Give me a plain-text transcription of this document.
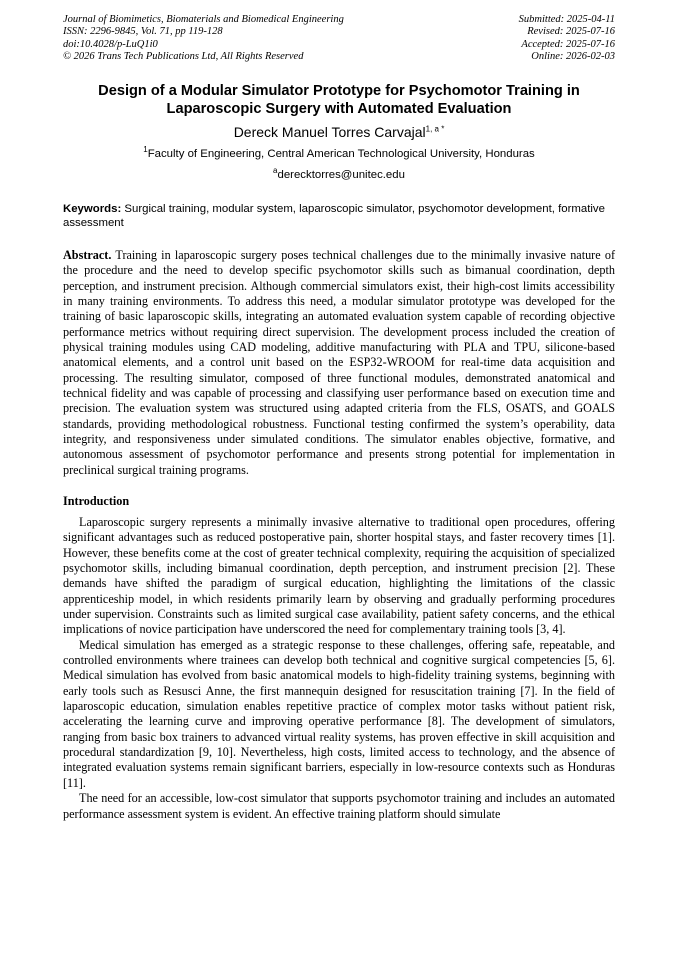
Journal of Biomimetics, Biomaterials and Biomedical Engineering
ISSN: 2296-9845, Vol. 71, pp 119-128
doi:10.4028/p-LuQ1i0
© 2026 Trans Tech Publications Ltd, All Rights Reserved
Submitted: 2025-04-11
Revised: 2025-07-16
Accepted: 2025-07-16
Online: 2026-02-03
Design of a Modular Simulator Prototype for Psychomotor Training in Laparoscopic Surgery with Automated Evaluation
Dereck Manuel Torres Carvajal$^{1, a *}$
$^1$Faculty of Engineering, Central American Technological University, Honduras
$^a$derecktorres@unitec.edu
Keywords: Surgical training, modular system, laparoscopic simulator, psychomotor development, formative assessment
Abstract. Training in laparoscopic surgery poses technical challenges due to the minimally invasive nature of the procedure and the need to develop specific psychomotor skills such as bimanual coordination, depth perception, and instrument precision. Although commercial simulators exist, their high-cost limits accessibility in many training environments. To address this need, a modular simulator prototype was developed for the training of basic laparoscopic skills, integrating an automated evaluation system capable of recording objective performance metrics without requiring direct supervision. The development process included the creation of physical training modules using CAD modeling, additive manufacturing with PLA and TPU, silicone-based anatomical elements, and a control unit based on the ESP32-WROOM for real-time data acquisition and processing. The resulting simulator, composed of three functional modules, demonstrated anatomical and technical fidelity and was capable of processing and classifying user performance based on execution time and precision. The evaluation system was structured using adapted criteria from the FLS, OSATS, and GOALS standards, providing methodological robustness. Functional testing confirmed the system’s operability, data integrity, and responsiveness under simulated conditions. The simulator enables objective, formative, and autonomous assessment of psychomotor performance and presents strong potential for implementation in preclinical surgical training programs.
Introduction

Laparoscopic surgery represents a minimally invasive alternative to traditional open procedures, offering significant advantages such as reduced postoperative pain, shorter hospital stays, and faster recovery times [1]. However, these benefits come at the cost of greater technical complexity, requiring the acquisition of specialized psychomotor skills, including bimanual coordination, depth perception, and instrument precision [2]. These demands have shifted the paradigm of surgical education, highlighting the limitations of the classic apprenticeship model, in which residents primarily learn by observing and gradually performing procedures under supervision. Constraints such as limited surgical case availability, patient safety concerns, and the ethical implications of novice participation have underscored the need for complementary training tools [3, 4].

Medical simulation has emerged as a strategic response to these challenges, offering safe, repeatable, and controlled environments where trainees can develop both technical and cognitive surgical competencies [5, 6]. Medical simulation has evolved from basic anatomical models to high-fidelity training systems, beginning with early tools such as Resusci Anne, the first mannequin designed for resuscitation training [7]. In the field of laparoscopic education, simulation enables repetitive practice of complex motor tasks without patient risk, accelerating the learning curve and improving operative performance [8]. The development of simulators, ranging from basic box trainers to advanced virtual reality systems, has proven effective in skill acquisition and procedural standardization [9, 10]. Nevertheless, high costs, limited access to technology, and the absence of integrated evaluation systems remain significant barriers, especially in low-resource contexts such as Honduras [11].

The need for an accessible, low-cost simulator that supports psychomotor training and includes an automated performance assessment system is evident. An effective training platform should simulate
